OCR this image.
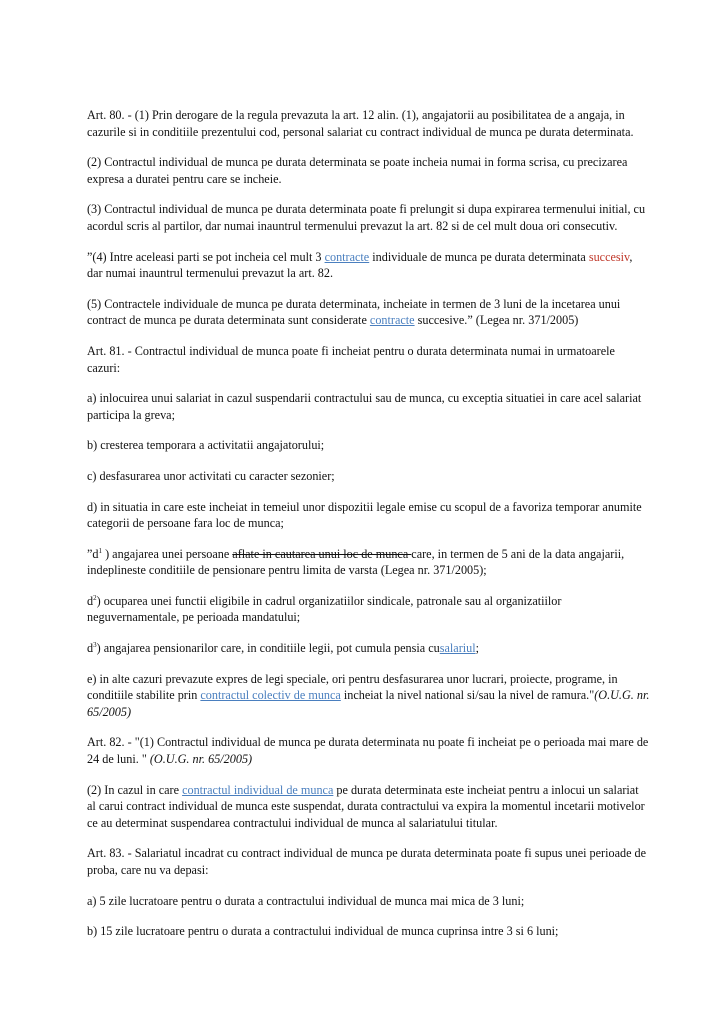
Art. 80. - (1) Prin derogare de la regula prevazuta la art. 12 alin. (1), angajatorii au posibilitatea de a angaja, in cazurile si in conditiile prezentului cod, personal salariat cu contract individual de munca pe durata determinata.

(2) Contractul individual de munca pe durata determinata se poate incheia numai in forma scrisa, cu precizarea expresa a duratei pentru care se incheie.

(3) Contractul individual de munca pe durata determinata poate fi prelungit si dupa expirarea termenului initial, cu acordul scris al partilor, dar numai inauntrul termenului prevazut la art. 82 si de cel mult doua ori consecutiv.

”(4) Intre aceleasi parti se pot incheia cel mult 3 contracte individuale de munca pe durata determinata succesiv, dar numai inauntrul termenului prevazut la art. 82.

(5) Contractele individuale de munca pe durata determinata, incheiate in termen de 3 luni de la incetarea unui contract de munca pe durata determinata sunt considerate contracte succesive.” (Legea nr. 371/2005)

Art. 81. - Contractul individual de munca poate fi incheiat pentru o durata determinata numai in urmatoarele cazuri:

a) inlocuirea unui salariat in cazul suspendarii contractului sau de munca, cu exceptia situatiei in care acel salariat participa la greva;

b) cresterea temporara a activitatii angajatorului;

c) desfasurarea unor activitati cu caracter sezonier;

d) in situatia in care este incheiat in temeiul unor dispozitii legale emise cu scopul de a favoriza temporar anumite categorii de persoane fara loc de munca;

$”d^1$ ) angajarea unei persoane aflate in cautarea unui loc de munca care, in termen de 5 ani de la data angajarii, indeplineste conditiile de pensionare pentru limita de varsta (Legea nr. 371/2005);

$d^2$) ocuparea unei functii eligibile in cadrul organizatiilor sindicale, patronale sau al organizatiilor neguvernamentale, pe perioada mandatului;

$d^3$) angajarea pensionarilor care, in conditiile legii, pot cumula pensia cusalariul;

e) in alte cazuri prevazute expres de legi speciale, ori pentru desfasurarea unor lucrari, proiecte, programe, in conditiile stabilite prin contractul colectiv de munca incheiat la nivel national si/sau la nivel de ramura."(O.U.G. nr. 65/2005)

Art. 82. - "(1) Contractul individual de munca pe durata determinata nu poate fi incheiat pe o perioada mai mare de 24 de luni. " (O.U.G. nr. 65/2005)

(2) In cazul in care contractul individual de munca pe durata determinata este incheiat pentru a inlocui un salariat al carui contract individual de munca este suspendat, durata contractului va expira la momentul incetarii motivelor ce au determinat suspendarea contractului individual de munca al salariatului titular.

Art. 83. - Salariatul incadrat cu contract individual de munca pe durata determinata poate fi supus unei perioade de proba, care nu va depasi:

a) 5 zile lucratoare pentru o durata a contractului individual de munca mai mica de 3 luni;

b) 15 zile lucratoare pentru o durata a contractului individual de munca cuprinsa intre 3 si 6 luni;
